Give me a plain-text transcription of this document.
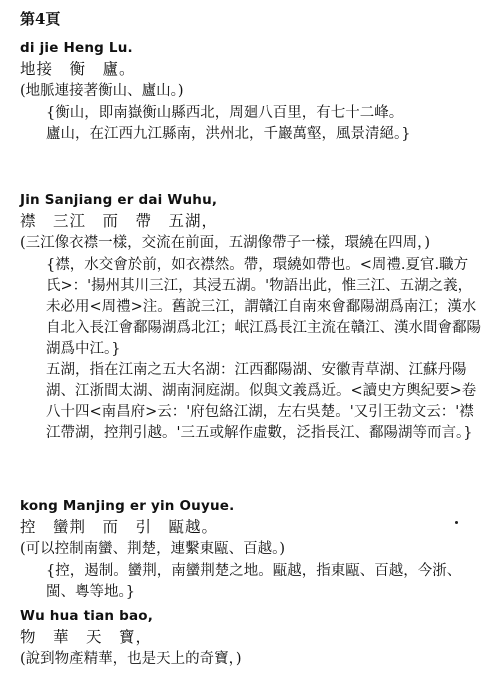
第4頁
di jie Heng Lu.
地接　衡　廬。
(地脈連接著衡山、廬山。)

{衡山，即南嶽衡山縣西北，周廻八百里，有七十二峰。

廬山，在江西九江縣南，洪州北，千巖萬壑，風景清絕。}

Jin Sanjiang er dai Wuhu,
襟　三江　而　帶　五湖，
(三江像衣襟一樣，交流在前面，五湖像帶子一樣，環繞在四周，)

{襟，水交會於前，如衣襟然。帶，環繞如帶也。<周禮.夏官.職方氏>：'揚州其川三江，其浸五湖。'物語出此，惟三江、五湖之義，未必用<周禮>注。舊說三江，謂贛江自南來會鄱陽湖爲南江；漢水自北入長江會鄱陽湖爲北江；岷江爲長江主流在贛江、漢水間會鄱陽湖爲中江。}

五湖，指在江南之五大名湖：江西鄱陽湖、安徽青草湖、江蘇丹陽湖、江浙間太湖、湖南洞庭湖。似與文義爲近。<讀史方輿紀要>卷八十四<南昌府>云：'府包絡江湖，左右吳楚。'又引王勃文云：'襟江帶湖，控荆引越。'三五或解作虛數，泛指長江、鄱陽湖等而言。}

kong Manjing er yin Ouyue.
控　蠻荆　而　引　甌越。
(可以控制南蠻、荆楚，連繫東甌、百越。)

{控，遏制。蠻荆，南蠻荆楚之地。甌越，指東甌、百越，今浙、閩、粵等地。}

Wu hua tian bao,
物　華　天　寶，
(說到物產精華，也是天上的奇寶，)
